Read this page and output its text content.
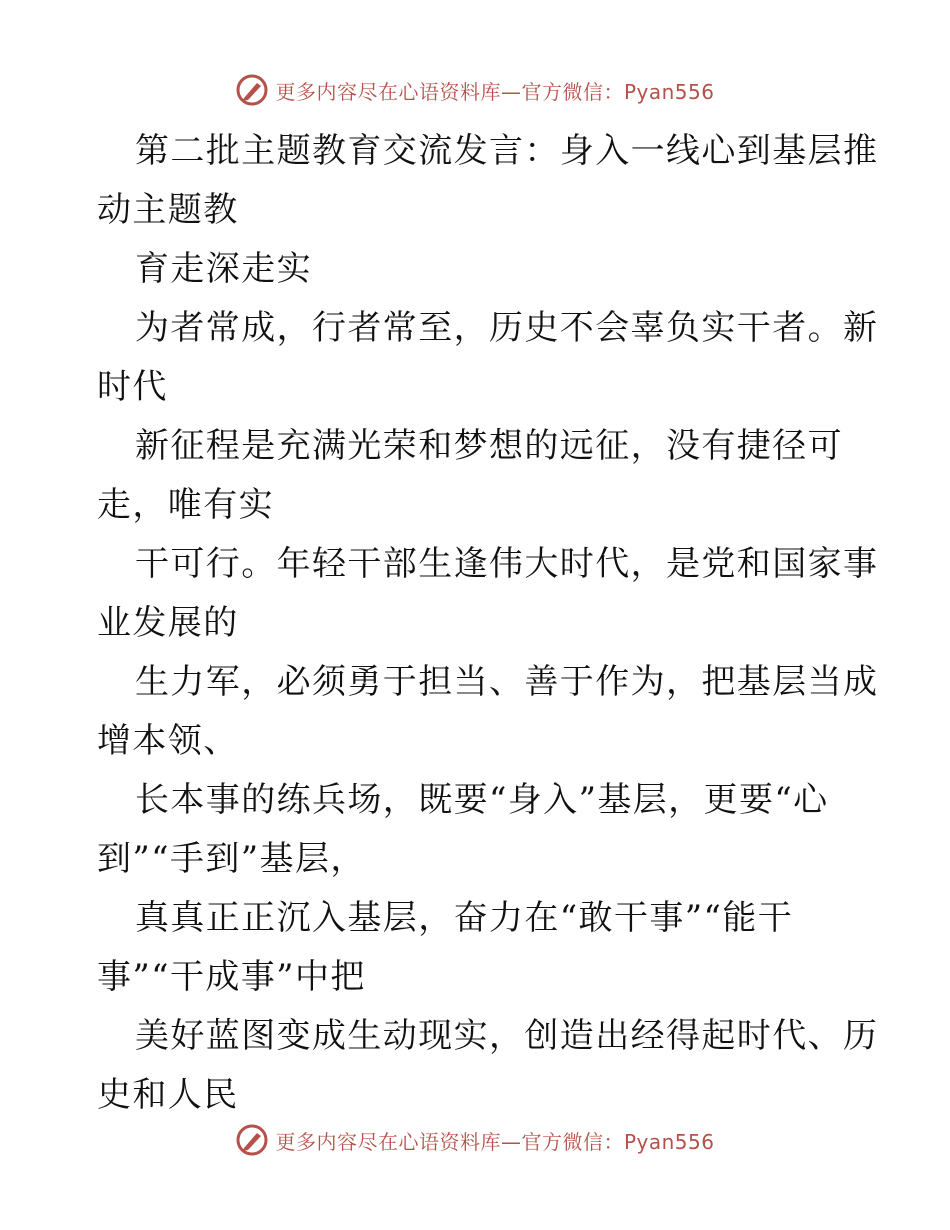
更多内容尽在心语资料库—官方微信：Pyan556
第二批主题教育交流发言：身入一线心到基层推
动主题教
育走深走实
为者常成，行者常至，历史不会辜负实干者。新
时代
新征程是充满光荣和梦想的远征，没有捷径可
走，唯有实
干可行。年轻干部生逢伟大时代，是党和国家事
业发展的
生力军，必须勇于担当、善于作为，把基层当成
增本领、
长本事的练兵场，既要“身入”基层，更要“心
到”“手到”基层，
真真正正沉入基层，奋力在“敢干事”“能干
事”“干成事”中把
美好蓝图变成生动现实，创造出经得起时代、历
史和人民
更多内容尽在心语资料库—官方微信：Pyan556
